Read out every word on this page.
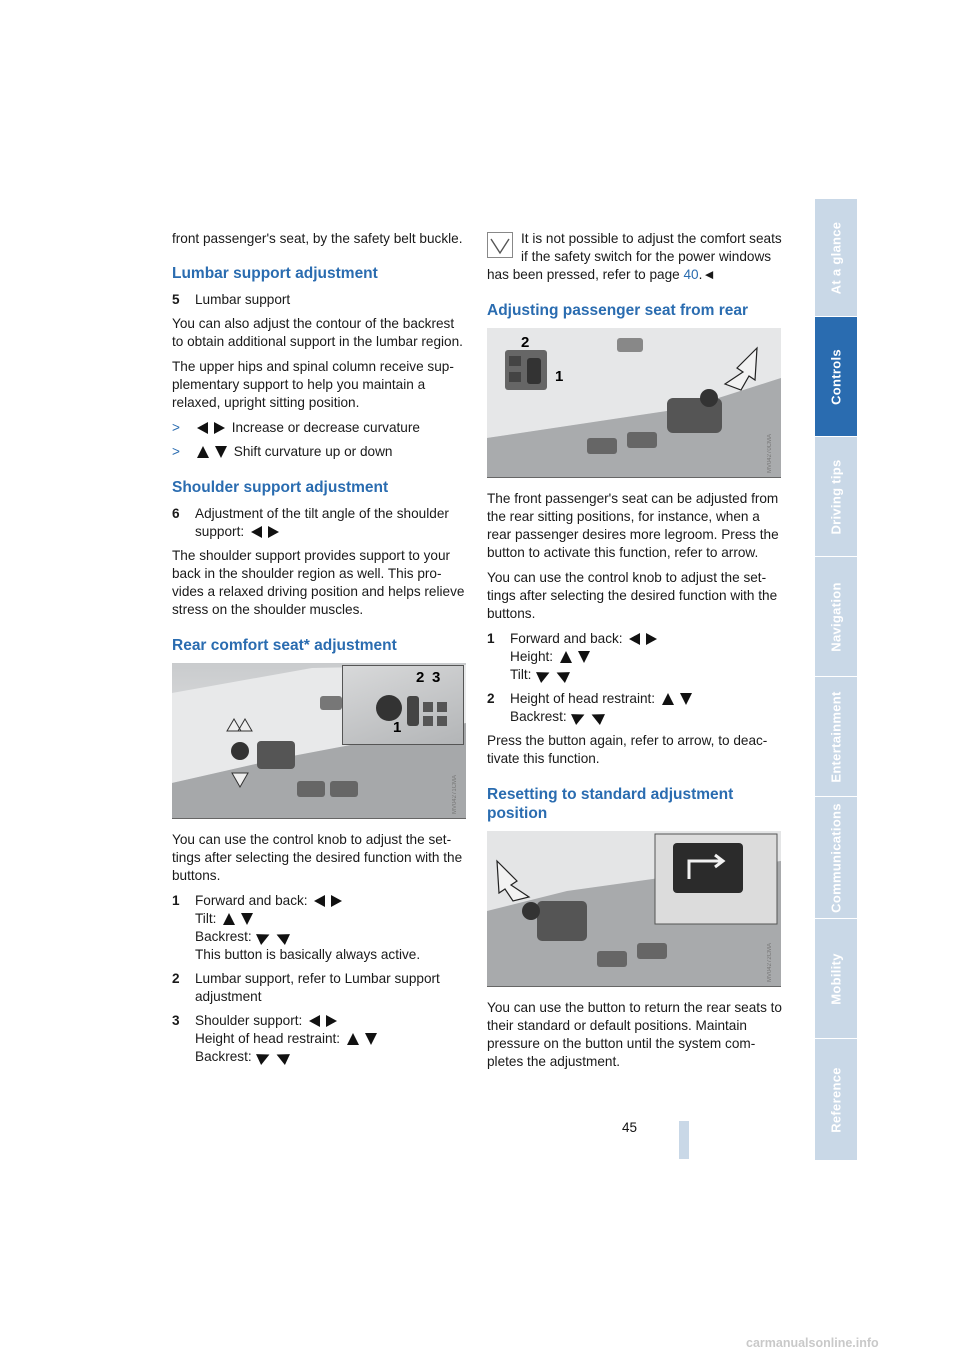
front passenger's seat, by the safety belt buckle.

Lumbar support adjustment
5	Lumbar support

You can also adjust the contour of the backrest to obtain additional support in the lumbar region.

The upper hips and spinal column receive sup-plementary support to help you maintain a relaxed, upright sitting position.

>	Increase or decrease curvature
>	Shift curvature up or down
Shoulder support adjustment
6	Adjustment of the tilt angle of the shoulder
support:

The shoulder support provides support to your back in the shoulder region as well. This pro-vides a relaxed driving position and helps relieve stress on the shoulder muscles.

Rear comfort seat* adjustment
1
2 3
MV04271CMA

You can use the control knob to adjust the set-tings after selecting the desired function with the buttons.

1	Forward and back:
Tilt:
Backrest:
This button is basically always active.
2	Lumbar support, refer to Lumbar support adjustment
3	Shoulder support:
Height of head restraint:
Backrest:

It is not possible to adjust the comfort seats if the safety switch for the power windows has been pressed, refer to page 40.◄

Adjusting passenger seat from rear
2
1
MV04270CMA

The front passenger's seat can be adjusted from the rear sitting positions, for instance, when a rear passenger desires more legroom. Press the button to activate this function, refer to arrow.

You can use the control knob to adjust the set-tings after selecting the desired function with the buttons.

1	Forward and back:
Height:
Tilt:
2	Height of head restraint:
Backrest:

Press the button again, refer to arrow, to deac-tivate this function.

Resetting to standard adjustment position
MV04272CMA

You can use the button to return the rear seats to their standard or default positions. Maintain pressure on the button until the system com-pletes the adjustment.

At a glance
Controls
Driving tips
Navigation
Entertainment
Communications
Mobility
Reference
45
carmanualsonline.info
